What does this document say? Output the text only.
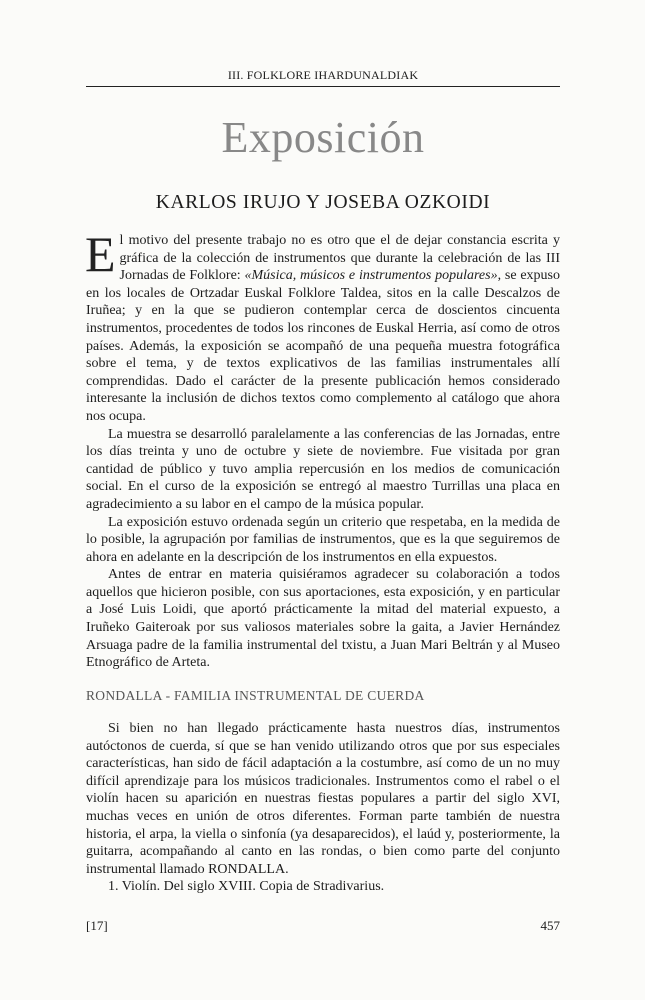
III. FOLKLORE IHARDUNALDIAK
Exposición
KARLOS IRUJO Y JOSEBA OZKOIDI

El motivo del presente trabajo no es otro que el de dejar constancia escrita y gráfica de la colección de instrumentos que durante la celebración de las III Jornadas de Folklore: «Música, músicos e instrumentos populares», se expuso en los locales de Ortzadar Euskal Folklore Taldea, sitos en la calle Descalzos de Iruñea; y en la que se pudieron contemplar cerca de doscientos cincuenta instrumentos, procedentes de todos los rincones de Euskal Herria, así como de otros países. Además, la exposición se acompañó de una pequeña muestra fotográfica sobre el tema, y de textos explicativos de las familias instrumentales allí comprendidas. Dado el carácter de la presente publicación hemos considerado interesante la inclusión de dichos textos como complemento al catálogo que ahora nos ocupa.

La muestra se desarrolló paralelamente a las conferencias de las Jornadas, entre los días treinta y uno de octubre y siete de noviembre. Fue visitada por gran cantidad de público y tuvo amplia repercusión en los medios de comunicación social. En el curso de la exposición se entregó al maestro Turrillas una placa en agradecimiento a su labor en el campo de la música popular.

La exposición estuvo ordenada según un criterio que respetaba, en la medida de lo posible, la agrupación por familias de instrumentos, que es la que seguiremos de ahora en adelante en la descripción de los instrumentos en ella expuestos.

Antes de entrar en materia quisiéramos agradecer su colaboración a todos aquellos que hicieron posible, con sus aportaciones, esta exposición, y en particular a José Luis Loidi, que aportó prácticamente la mitad del material expuesto, a Iruñeko Gaiteroak por sus valiosos materiales sobre la gaita, a Javier Hernández Arsuaga padre de la familia instrumental del txistu, a Juan Mari Beltrán y al Museo Etnográfico de Arteta.

RONDALLA - FAMILIA INSTRUMENTAL DE CUERDA

Si bien no han llegado prácticamente hasta nuestros días, instrumentos autóctonos de cuerda, sí que se han venido utilizando otros que por sus especiales características, han sido de fácil adaptación a la costumbre, así como de un no muy difícil aprendizaje para los músicos tradicionales. Instrumentos como el rabel o el violín hacen su aparición en nuestras fiestas populares a partir del siglo XVI, muchas veces en unión de otros diferentes. Forman parte también de nuestra historia, el arpa, la viella o sinfonía (ya desaparecidos), el laúd y, posteriormente, la guitarra, acompañando al canto en las rondas, o bien como parte del conjunto instrumental llamado RONDALLA.

1. Violín. Del siglo XVIII. Copia de Stradivarius.

[17]	457
